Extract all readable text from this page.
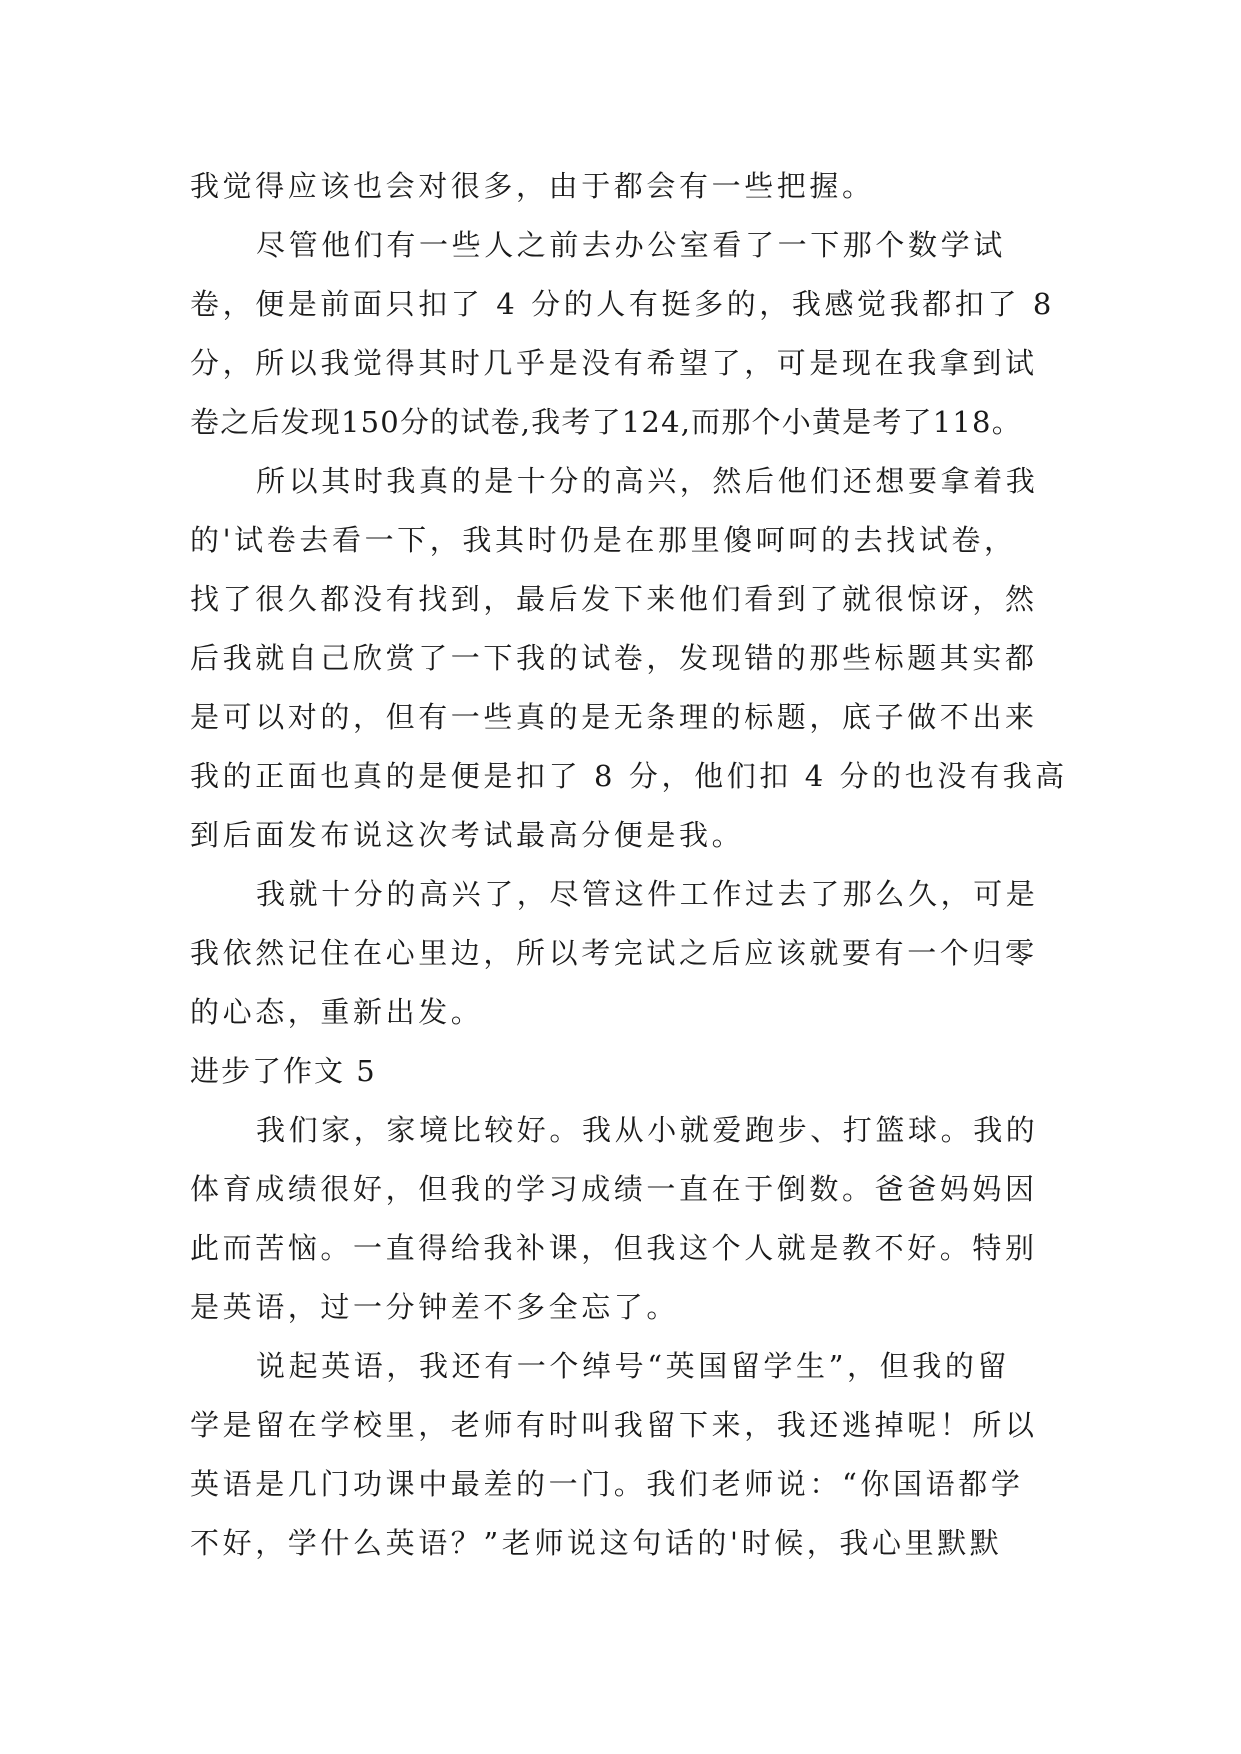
我觉得应该也会对很多，由于都会有一些把握。
尽管他们有一些人之前去办公室看了一下那个数学试
卷，便是前面只扣了 4 分的人有挺多的，我感觉我都扣了 8
分，所以我觉得其时几乎是没有希望了，可是现在我拿到试
卷之后发现150分的试卷,我考了124,而那个小黄是考了118。
所以其时我真的是十分的高兴，然后他们还想要拿着我
的'试卷去看一下，我其时仍是在那里傻呵呵的去找试卷，
找了很久都没有找到，最后发下来他们看到了就很惊讶，然
后我就自己欣赏了一下我的试卷，发现错的那些标题其实都
是可以对的，但有一些真的是无条理的标题，底子做不出来
我的正面也真的是便是扣了 8 分，他们扣 4 分的也没有我高
到后面发布说这次考试最高分便是我。
我就十分的高兴了，尽管这件工作过去了那么久，可是
我依然记住在心里边，所以考完试之后应该就要有一个归零
的心态，重新出发。
进步了作文 5
我们家，家境比较好。我从小就爱跑步、打篮球。我的
体育成绩很好，但我的学习成绩一直在于倒数。爸爸妈妈因
此而苦恼。一直得给我补课，但我这个人就是教不好。特别
是英语，过一分钟差不多全忘了。
说起英语，我还有一个绰号“英国留学生”，但我的留
学是留在学校里，老师有时叫我留下来，我还逃掉呢！所以
英语是几门功课中最差的一门。我们老师说：“你国语都学
不好，学什么英语？”老师说这句话的'时候，我心里默默
